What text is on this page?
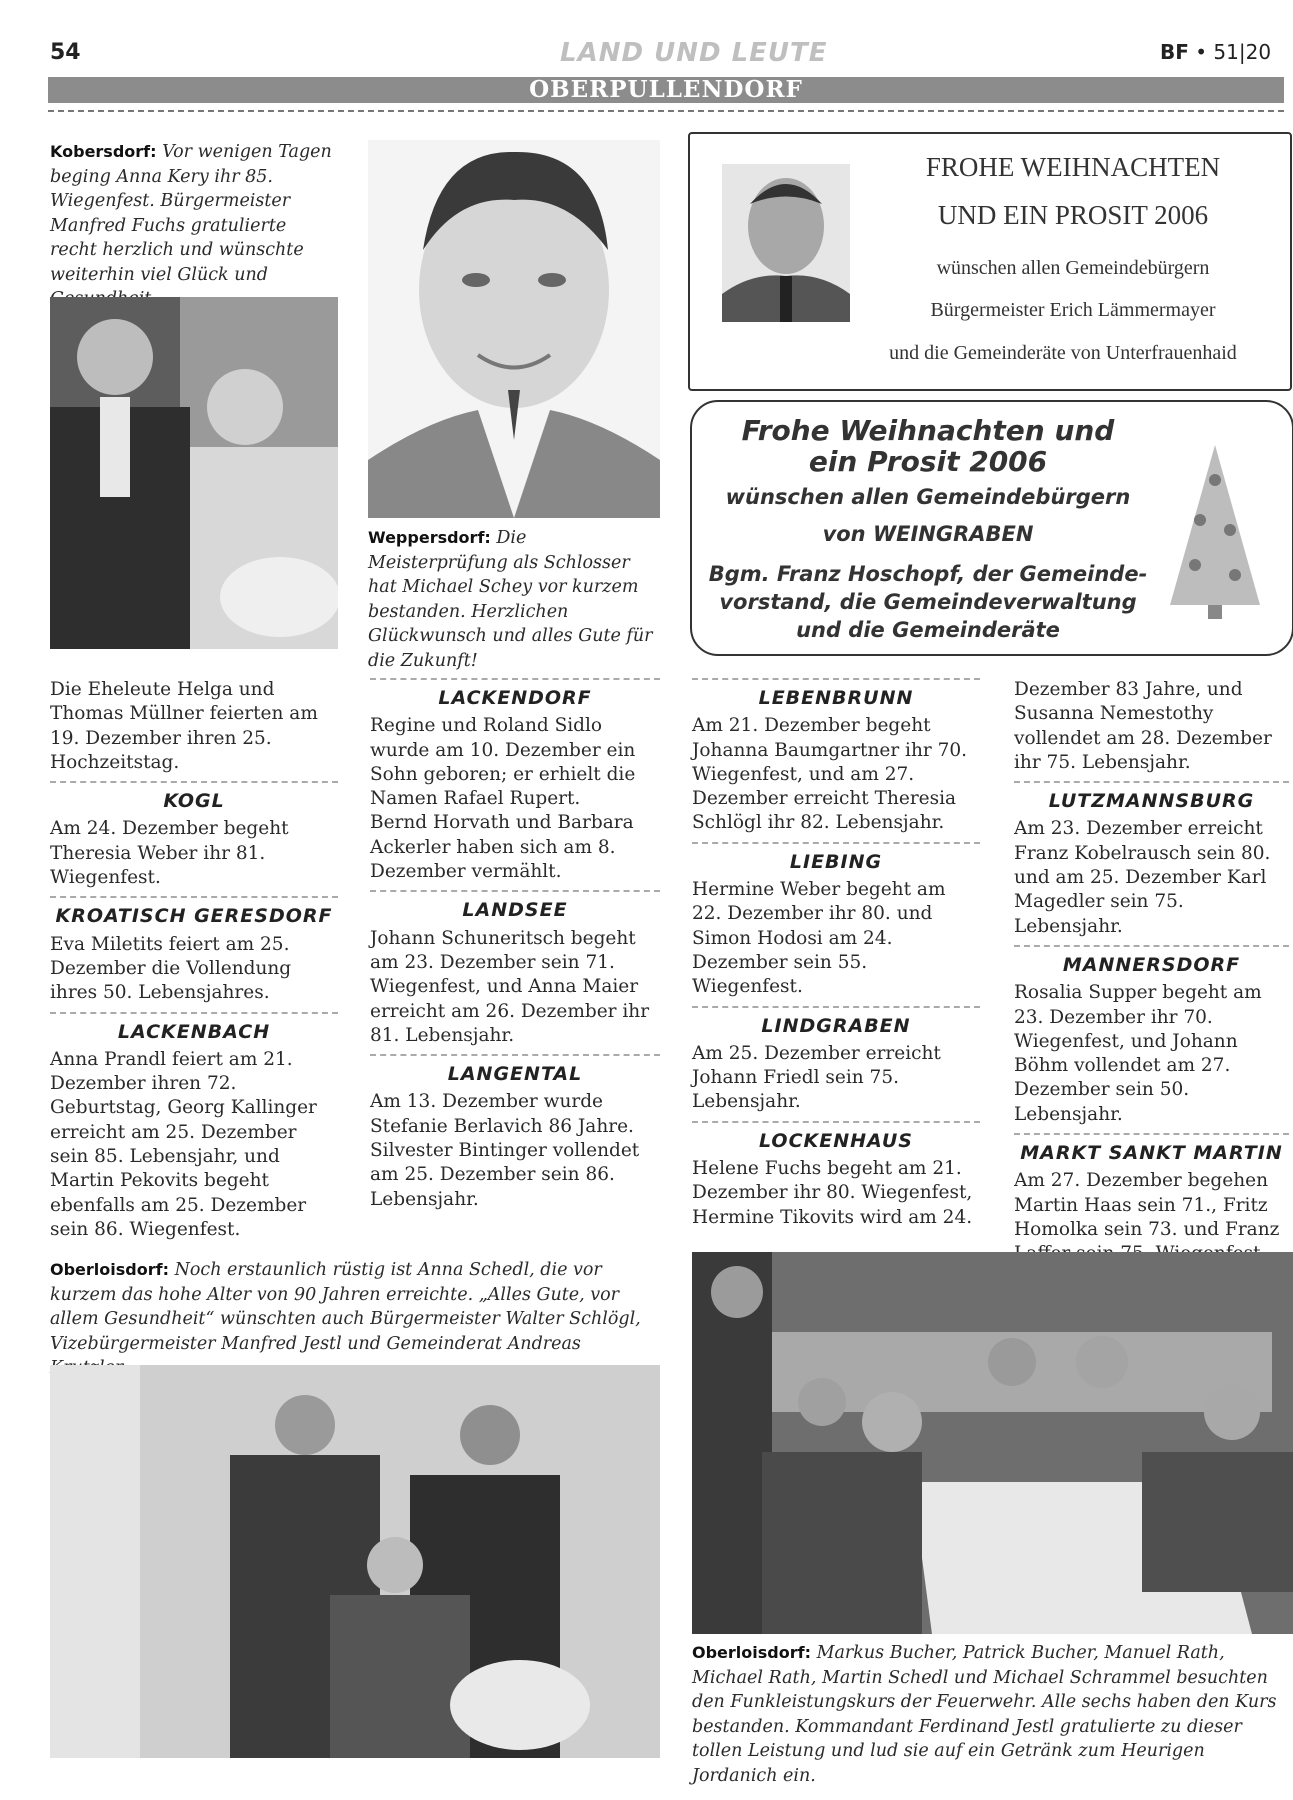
54	LAND UND LEUTE	BF • 51|20
OBERPULLENDORF
Kobersdorf: Vor wenigen Tagen beging Anna Kery ihr 85. Wiegenfest. Bürgermeister Manfred Fuchs gratulierte recht herzlich und wünschte weiterhin viel Glück und
Weppersdorf: Die Meisterprüfung als Schlosser hat Michael Schey vor kurzem bestanden. Herzlichen Glückwunsch und alles Gute für die Zukunft!
FROHE WEIHNACHTEN
UND EIN PROSIT 2006
wünschen allen Gemeindebürgern
Bürgermeister Erich Lämmermayer
und die Gemeinderäte von Unterfrauenhaid
Frohe Weihnachten und
ein Prosit 2006
wünschen allen Gemeindebürgern
von WEINGRABEN
Bgm. Franz Hoschopf, der Gemeinde-
vorstand, die Gemeindeverwaltung
und die Gemeinderäte
Die Eheleute Helga und Thomas Müllner feierten am 19. Dezember ihren 25. Hochzeitstag.
KOGL
Am 24. Dezember begeht Theresia Weber ihr 81. Wiegenfest.
KROATISCH GERESDORF
Eva Miletits feiert am 25. Dezember die Vollendung ihres 50. Lebensjahres.
LACKENBACH
Anna Prandl feiert am 21. Dezember ihren 72. Geburtstag, Georg Kallinger erreicht am 25. Dezember sein 85. Lebensjahr, und Martin Pekovits begeht ebenfalls am 25. Dezember sein 86. Wiegenfest.
LACKENDORF
Regine und Roland Sidlo wurde am 10. Dezember ein Sohn geboren; er erhielt die Namen Rafael Rupert.
Bernd Horvath und Barbara Ackerler haben sich am 8. Dezember vermählt.
LANDSEE
Johann Schuneritsch begeht am 23. Dezember sein 71. Wiegenfest, und Anna Maier erreicht am 26. Dezember ihr 81. Lebensjahr.
LANGENTAL
Am 13. Dezember wurde Stefanie Berlavich 86 Jahre. Silvester Bintinger vollendet am 25. Dezember sein 86. Lebensjahr.
LEBENBRUNN
Am 21. Dezember begeht Johanna Baumgartner ihr 70. Wiegenfest, und am 27. Dezember erreicht Theresia Schlögl ihr 82. Lebensjahr.
LIEBING
Hermine Weber begeht am 22. Dezember ihr 80. und Simon Hodosi am 24. Dezember sein 55. Wiegenfest.
LINDGRABEN
Am 25. Dezember erreicht Johann Friedl sein 75. Lebensjahr.
LOCKENHAUS
Helene Fuchs begeht am 21. Dezember ihr 80. Wiegenfest, Hermine Tikovits wird am 24.
Dezember 83 Jahre, und Susanna Nemestothy vollendet am 28. Dezember ihr 75. Lebensjahr.
LUTZMANNSBURG
Am 23. Dezember erreicht Franz Kobelrausch sein 80. und am 25. Dezember Karl Magedler sein 75. Lebensjahr.
MANNERSDORF
Rosalia Supper begeht am 23. Dezember ihr 70. Wiegenfest, und Johann Böhm vollendet am 27. Dezember sein 50. Lebensjahr.
MARKT SANKT MARTIN
Am 27. Dezember begehen Martin Haas sein 71., Fritz Homolka sein 73. und Franz
Oberloisdorf: Noch erstaunlich rüstig ist Anna Schedl, die vor kurzem das hohe Alter von 90 Jahren erreichte. „Alles Gute, vor allem Gesundheit“ wünschten auch Bürgermeister Walter Schlögl, Vizebürgermeister Manfred Jestl und Gemeinderat Andreas
Oberloisdorf: Markus Bucher, Patrick Bucher, Manuel Rath, Michael Rath, Martin Schedl und Michael Schrammel besuchten den Funkleistungskurs der Feuerwehr. Alle sechs haben den Kurs bestanden. Kommandant Ferdinand Jestl gratulierte zu dieser tollen Leistung und lud sie auf ein Getränk zum Heurigen Jordanich ein.
